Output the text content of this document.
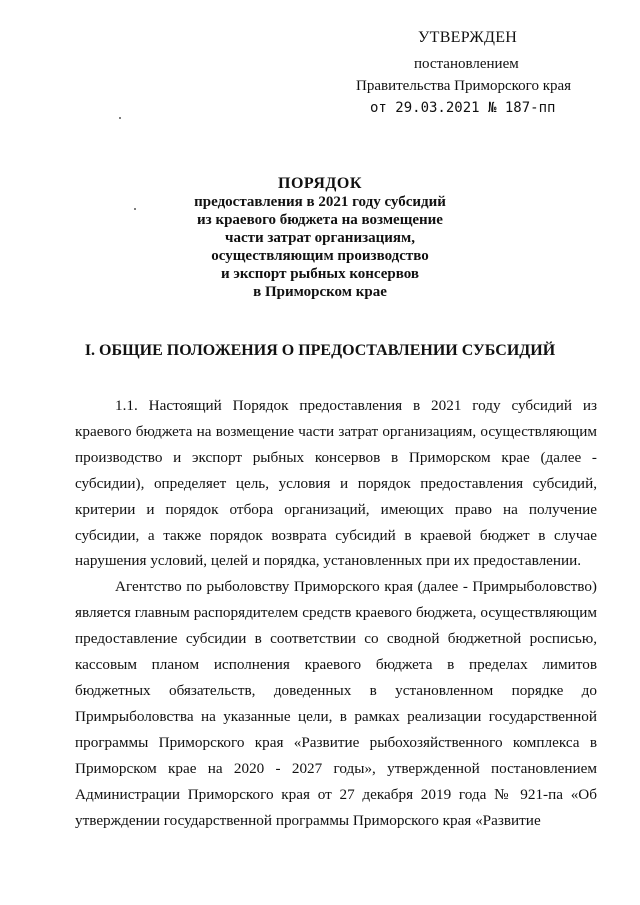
УТВЕРЖДЕН
постановлением
Правительства Приморского края
от 29.03.2021 № 187-пп
ПОРЯДОК
предоставления в 2021 году субсидий
из краевого бюджета на возмещение
части затрат организациям,
осуществляющим производство
и экспорт рыбных консервов
в Приморском крае
I. ОБЩИЕ ПОЛОЖЕНИЯ О ПРЕДОСТАВЛЕНИИ СУБСИДИЙ

1.1. Настоящий Порядок предоставления в 2021 году субсидий из краевого бюджета на возмещение части затрат организациям, осуществляющим производство и экспорт рыбных консервов в Приморском крае (далее - субсидии), определяет цель, условия и порядок предоставления субсидий, критерии и порядок отбора организаций, имеющих право на получение субсидии, а также порядок возврата субсидий в краевой бюджет в случае нарушения условий, целей и порядка, установленных при их предоставлении.

Агентство по рыболовству Приморского края (далее - Примрыболовство) является главным распорядителем средств краевого бюджета, осуществляющим предоставление субсидии в соответствии со сводной бюджетной росписью, кассовым планом исполнения краевого бюджета в пределах лимитов бюджетных обязательств, доведенных в установленном порядке до Примрыболовства на указанные цели, в рамках реализации государственной программы Приморского края «Развитие рыбохозяйственного комплекса в Приморском крае на 2020 - 2027 годы», утвержденной постановлением Администрации Приморского края от 27 декабря 2019 года № 921-па «Об утверждении государственной программы Приморского края «Развитие
